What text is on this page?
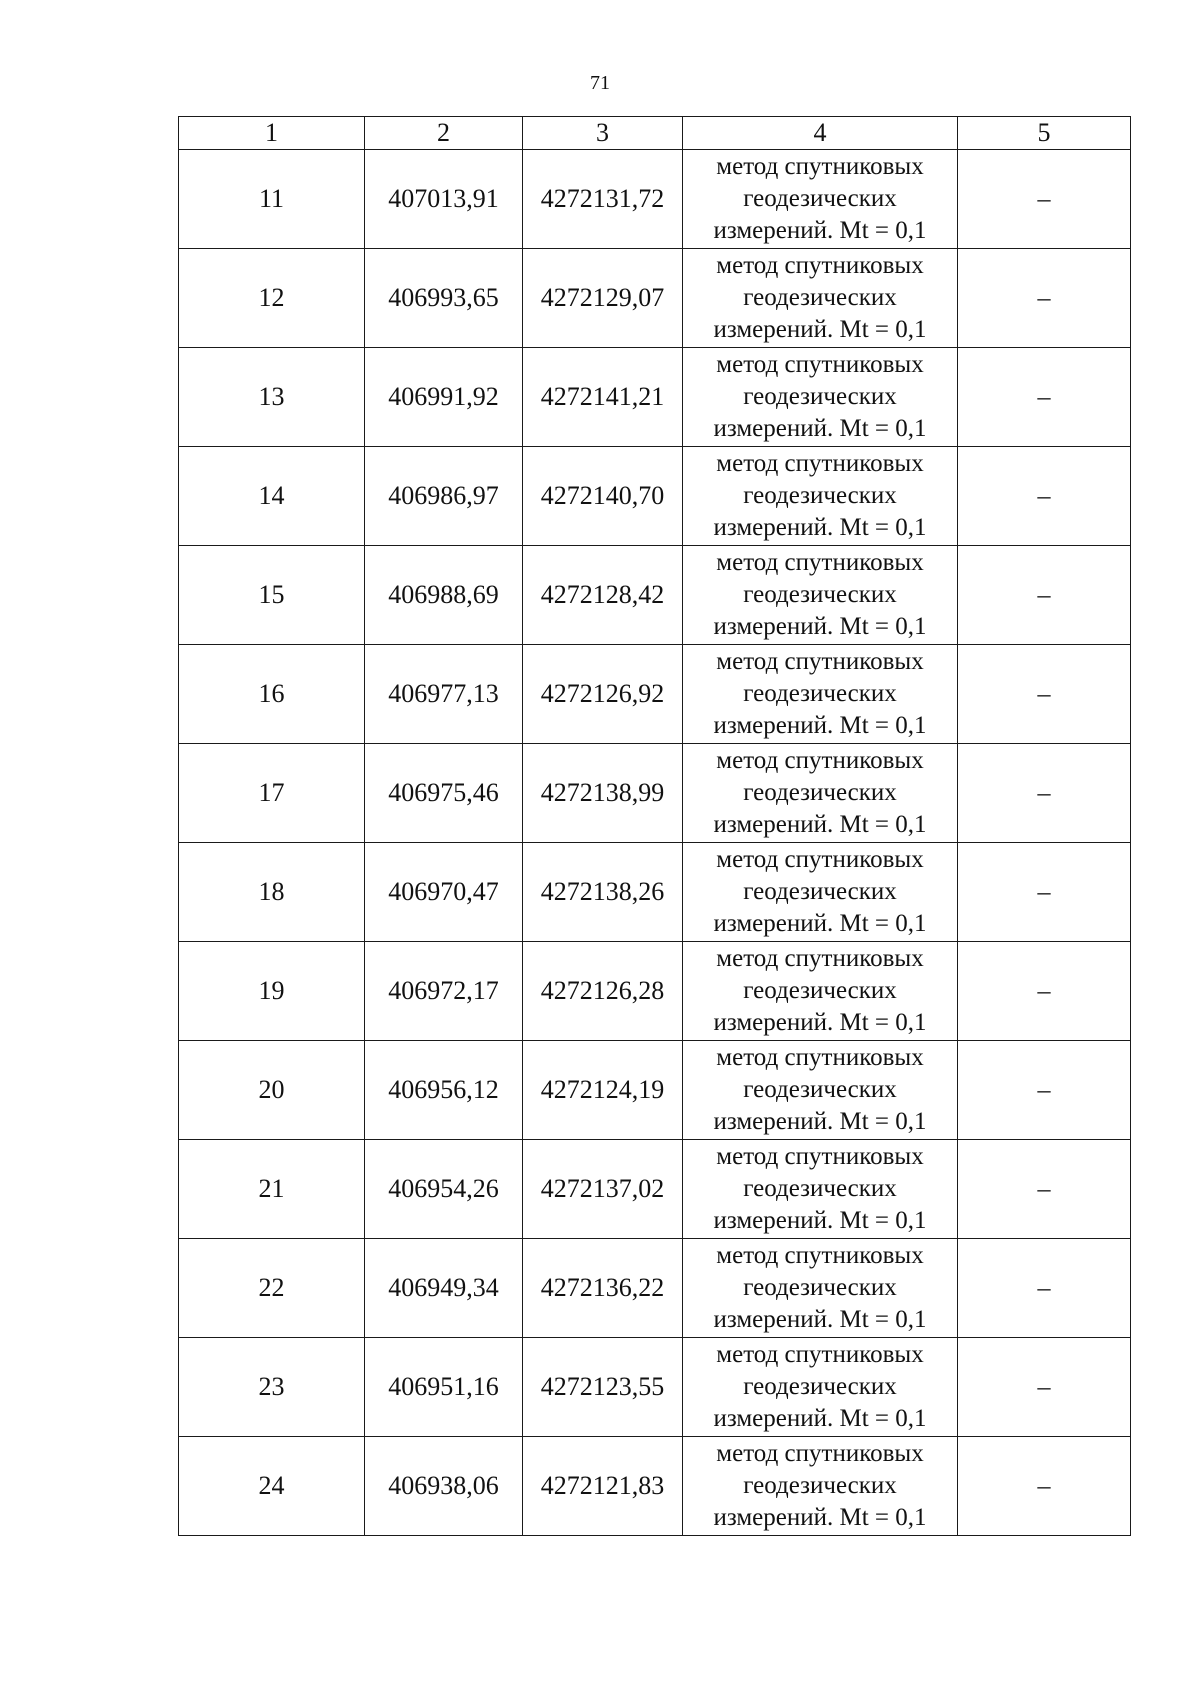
71
1	2	3	4	5
11	407013,91	4272131,72	метод спутниковых
геодезических
измерений. Mt = 0,1	–
12	406993,65	4272129,07	метод спутниковых
геодезических
измерений. Mt = 0,1	–
13	406991,92	4272141,21	метод спутниковых
геодезических
измерений. Mt = 0,1	–
14	406986,97	4272140,70	метод спутниковых
геодезических
измерений. Mt = 0,1	–
15	406988,69	4272128,42	метод спутниковых
геодезических
измерений. Mt = 0,1	–
16	406977,13	4272126,92	метод спутниковых
геодезических
измерений. Mt = 0,1	–
17	406975,46	4272138,99	метод спутниковых
геодезических
измерений. Mt = 0,1	–
18	406970,47	4272138,26	метод спутниковых
геодезических
измерений. Mt = 0,1	–
19	406972,17	4272126,28	метод спутниковых
геодезических
измерений. Mt = 0,1	–
20	406956,12	4272124,19	метод спутниковых
геодезических
измерений. Mt = 0,1	–
21	406954,26	4272137,02	метод спутниковых
геодезических
измерений. Mt = 0,1	–
22	406949,34	4272136,22	метод спутниковых
геодезических
измерений. Mt = 0,1	–
23	406951,16	4272123,55	метод спутниковых
геодезических
измерений. Mt = 0,1	–
24	406938,06	4272121,83	метод спутниковых
геодезических
измерений. Mt = 0,1	–
